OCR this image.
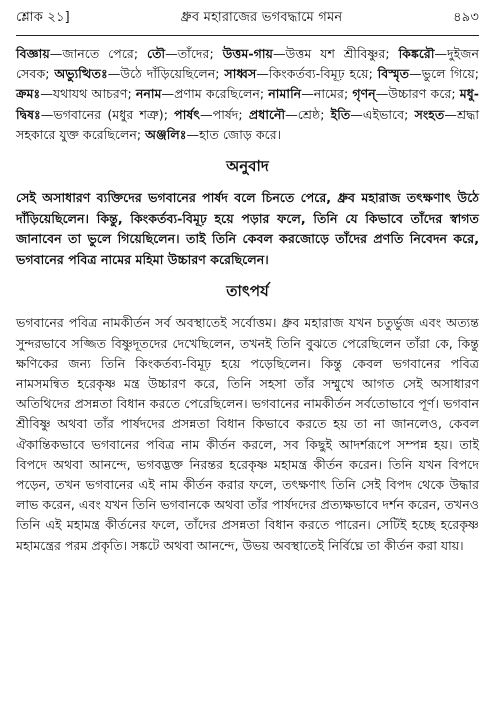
শ্লোক ২১]	ধ্রুব মহারাজের ভগবদ্ধামে গমন	৪৯৩

বিজ্ঞায়—জানতে পেরে; তৌ—তাঁদের; উত্তম-গায়—উত্তম যশ শ্রীবিষ্ণুর; কিঙ্করৌ—দুইজন সেবক; অভ্যুত্থিতঃ—উঠে দাঁড়িয়েছিলেন; সাধ্বস—কিংকর্তব্য-বিমূঢ় হয়ে; বিস্মৃত—ভুলে গিয়ে; ক্রমঃ—যথাযথ আচরণ; ননাম—প্রণাম করেছিলেন; নামানি—নামের; গৃণন্—উচ্চারণ করে; মধু-দ্বিষঃ—ভগবানের (মধুর শত্রু); পার্ষৎ—পার্ষদ; প্রধানৌ—শ্রেষ্ঠ; ইতি—এইভাবে; সংহত—শ্রদ্ধা সহকারে যুক্ত করেছিলেন; অঞ্জলিঃ—হাত জোড় করে।

অনুবাদ

সেই অসাধারণ ব্যক্তিদের ভগবানের পার্ষদ বলে চিনতে পেরে, ধ্রুব মহারাজ তৎক্ষণাৎ উঠে দাঁড়িয়েছিলেন। কিন্তু, কিংকর্তব্য-বিমূঢ় হয়ে পড়ার ফলে, তিনি যে কিভাবে তাঁদের স্বাগত জানাবেন তা ভুলে গিয়েছিলেন। তাই তিনি কেবল করজোড়ে তাঁদের প্রণতি নিবেদন করে, ভগবানের পবিত্র নামের মহিমা উচ্চারণ করেছিলেন।

তাৎপর্য

ভগবানের পবিত্র নামকীর্তন সর্ব অবস্থাতেই সর্বোত্তম। ধ্রুব মহারাজ যখন চতুর্ভুজ এবং অত্যন্ত সুন্দরভাবে সজ্জিত বিষ্ণুদূতদের দেখেছিলেন, তখনই তিনি বুঝতে পেরেছিলেন তাঁরা কে, কিন্তু ক্ষণিকের জন্য তিনি কিংকর্তব্য-বিমূঢ় হয়ে পড়েছিলেন। কিন্তু কেবল ভগবানের পবিত্র নামসমন্বিত হরেকৃষ্ণ মন্ত্র উচ্চারণ করে, তিনি সহসা তাঁর সম্মুখে আগত সেই অসাধারণ অতিথিদের প্রসন্নতা বিধান করতে পেরেছিলেন। ভগবানের নামকীর্তন সর্বতোভাবে পূর্ণ। ভগবান শ্রীবিষ্ণু অথবা তাঁর পার্ষদদের প্রসন্নতা বিধান কিভাবে করতে হয় তা না জানলেও, কেবল ঐকান্তিকভাবে ভগবানের পবিত্র নাম কীর্তন করলে, সব কিছুই আদর্শরূপে সম্পন্ন হয়। তাই বিপদে অথবা আনন্দে, ভগবদ্ভক্ত নিরন্তর হরেকৃষ্ণ মহামন্ত্র কীর্তন করেন। তিনি যখন বিপদে পড়েন, তখন ভগবানের এই নাম কীর্তন করার ফলে, তৎক্ষণাৎ তিনি সেই বিপদ থেকে উদ্ধার লাভ করেন, এবং যখন তিনি ভগবানকে অথবা তাঁর পার্ষদদের প্রত্যক্ষভাবে দর্শন করেন, তখনও তিনি এই মহামন্ত্র কীর্তনের ফলে, তাঁদের প্রসন্নতা বিধান করতে পারেন। সেটিই হচ্ছে হরেকৃষ্ণ মহামন্ত্রের পরম প্রকৃতি। সঙ্কটে অথবা আনন্দে, উভয় অবস্থাতেই নির্বিঘ্নে তা কীর্তন করা যায়।
